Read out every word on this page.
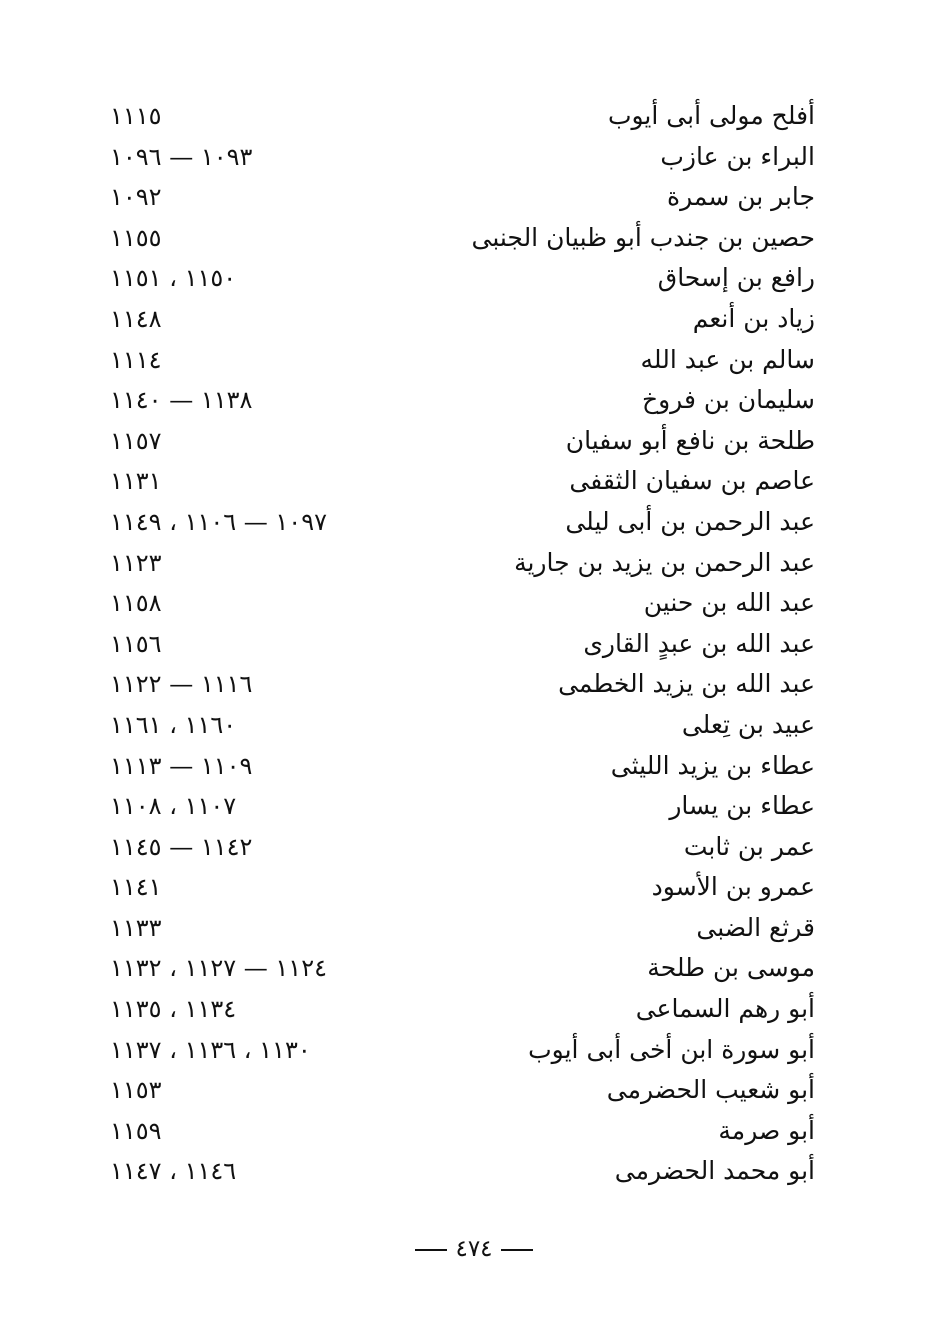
أفلح مولى أبى أيوب
١١١٥
البراء بن عازب
١٠٩٣ — ١٠٩٦
جابر بن سمرة
١٠٩٢
حصين بن جندب أبو ظبيان الجنبى
١١٥٥
رافع بن إسحاق
١١٥٠ ، ١١٥١
زياد بن أنعم
١١٤٨
سالم بن عبد الله
١١١٤
سليمان بن فروخ
١١٣٨ — ١١٤٠
طلحة بن نافع أبو سفيان
١١٥٧
عاصم بن سفيان الثقفى
١١٣١
عبد الرحمن بن أبى ليلى
١٠٩٧ — ١١٠٦ ، ١١٤٩
عبد الرحمن بن يزيد بن جارية
١١٢٣
عبد الله بن حنين
١١٥٨
عبد الله بن عبدٍ القارى
١١٥٦
عبد الله بن يزيد الخطمى
١١١٦ — ١١٢٢
عبيد بن تِعلى
١١٦٠ ، ١١٦١
عطاء بن يزيد الليثى
١١٠٩ — ١١١٣
عطاء بن يسار
١١٠٧ ، ١١٠٨
عمر بن ثابت
١١٤٢ — ١١٤٥
عمرو بن الأسود
١١٤١
قرثع الضبى
١١٣٣
موسى بن طلحة
١١٢٤ — ١١٢٧ ، ١١٣٢
أبو رهم السماعى
١١٣٤ ، ١١٣٥
أبو سورة ابن أخى أبى أيوب
١١٣٠ ، ١١٣٦ ، ١١٣٧
أبو شعيب الحضرمى
١١٥٣
أبو صرمة
١١٥٩
أبو محمد الحضرمى
١١٤٦ ، ١١٤٧
٤٧٤
